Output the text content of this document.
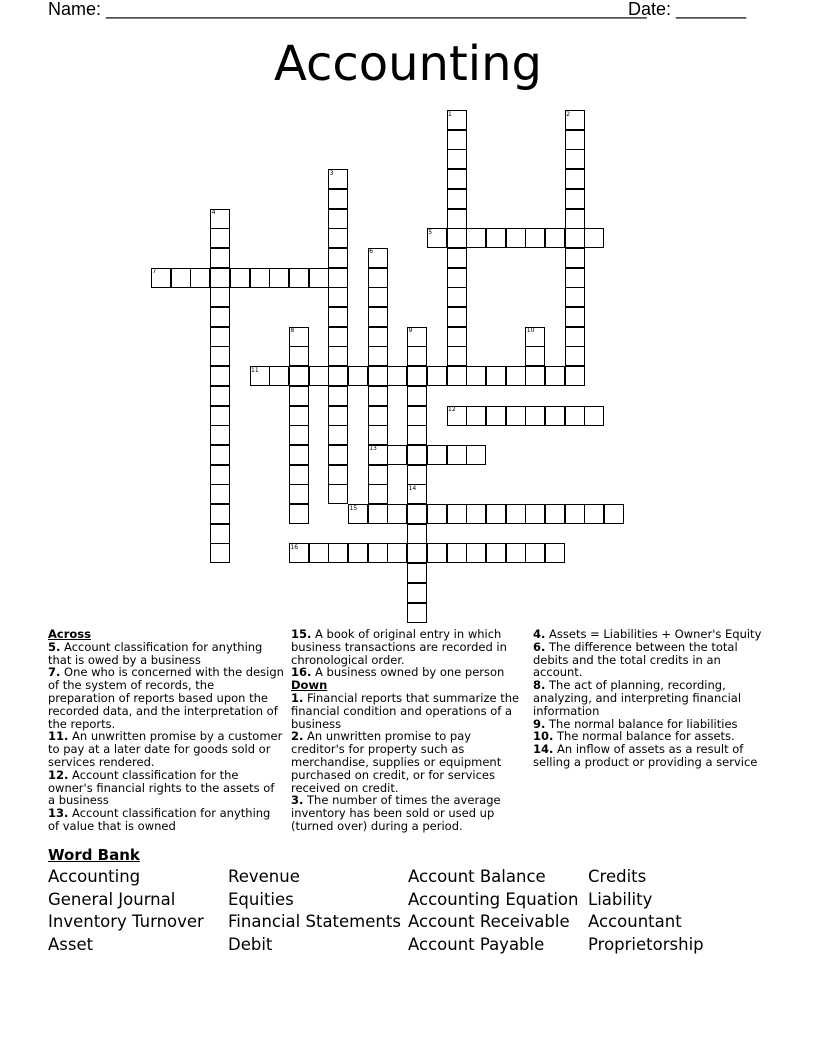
Name: ______________________________________________________
Date: _______
Accounting
1	2
3
4
5
6
7
8	9	10
11
12
13
14
15
16

Across

5. Account classification for anything that is owed by a business

7. One who is concerned with the design of the system of records, the preparation of reports based upon the recorded data, and the interpretation of the reports.

11. An unwritten promise by a customer to pay at a later date for goods sold or services rendered.

12. Account classification for the owner's financial rights to the assets of a business

13. Account classification for anything of value that is owned

15. A book of original entry in which business transactions are recorded in chronological order.

16. A business owned by one person

Down

1. Financial reports that summarize the financial condition and operations of a business

2. An unwritten promise to pay creditor's for property such as merchandise, supplies or equipment purchased on credit, or for services received on credit.

3. The number of times the average inventory has been sold or used up (turned over) during a period.

4. Assets = Liabilities + Owner's Equity

6. The difference between the total debits and the total credits in an account.

8. The act of planning, recording, analyzing, and interpreting financial information

9. The normal balance for liabilities

10. The normal balance for assets.

14. An inflow of assets as a result of selling a product or providing a service

Word Bank
Accounting
General Journal
Inventory Turnover
Asset
Revenue
Equities
Financial Statements
Debit
Account Balance
Accounting Equation
Account Receivable
Account Payable
Credits
Liability
Accountant
Proprietorship
